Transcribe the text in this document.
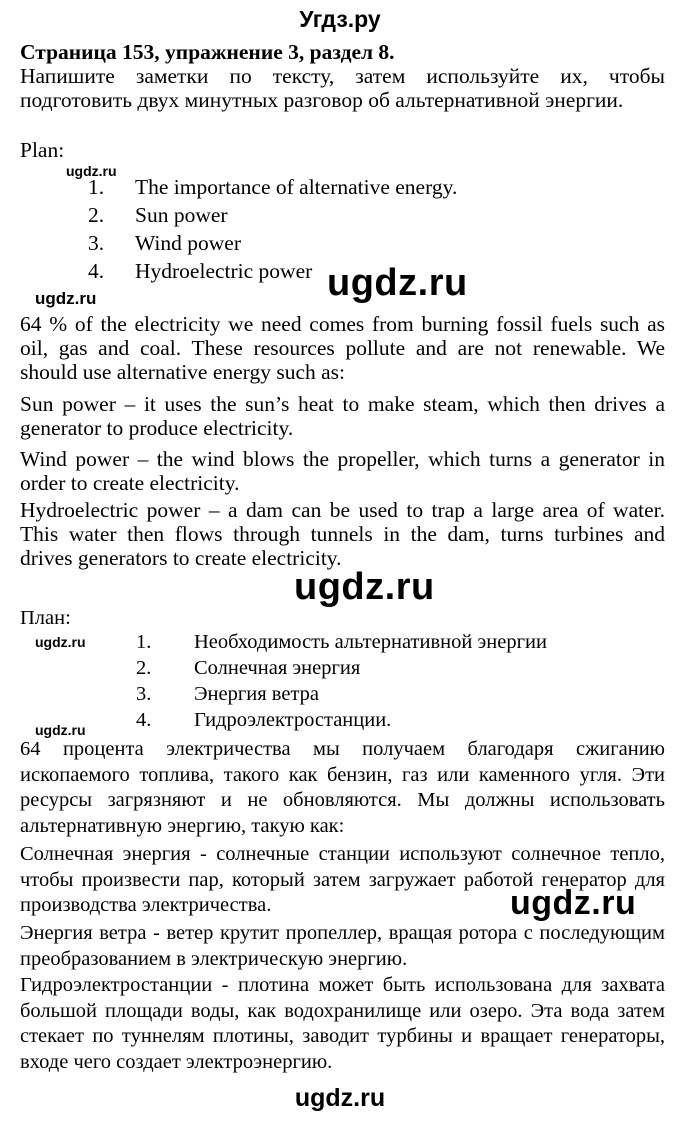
Угдз.ру
Страница 153, упражнение 3, раздел 8.
Напишите заметки по тексту, затем используйте их, чтобы подготовить двух минутных разговор об альтернативной энергии.
Plan:
ugdz.ru
1. The importance of alternative energy.
2. Sun power
3. Wind power
4. Hydroelectric power ugdz.ru
ugdz.ru
64 % of the electricity we need comes from burning fossil fuels such as oil, gas and coal. These resources pollute and are not renewable. We should use alternative energy such as:
Sun power – it uses the sun’s heat to make steam, which then drives a generator to produce electricity.
Wind power – the wind blows the propeller, which turns a generator in order to create electricity.
Hydroelectric power – a dam can be used to trap a large area of water. This water then flows through tunnels in the dam, turns turbines and drives generators to create electricity.
ugdz.ru
План:
ugdz.ru 1. Необходимость альтернативной энергии
2. Солнечная энергия
3. Энергия ветра
4. Гидроэлектростанции.
ugdz.ru
64 процента электричества мы получаем благодаря сжиганию ископаемого топлива, такого как бензин, газ или каменного угля. Эти ресурсы загрязняют и не обновляются. Мы должны использовать альтернативную энергию, такую как:
Солнечная энергия - солнечные станции используют солнечное тепло, чтобы произвести пар, который затем загружает работой генератор для производства электричества.	ugdz.ru
Энергия ветра - ветер крутит пропеллер, вращая ротора с последующим преобразованием в электрическую энергию.
Гидроэлектростанции - плотина может быть использована для захвата большой площади воды, как водохранилище или озеро. Эта вода затем стекает по туннелям плотины, заводит турбины и вращает генераторы, входе чего создает электроэнергию.
ugdz.ru
